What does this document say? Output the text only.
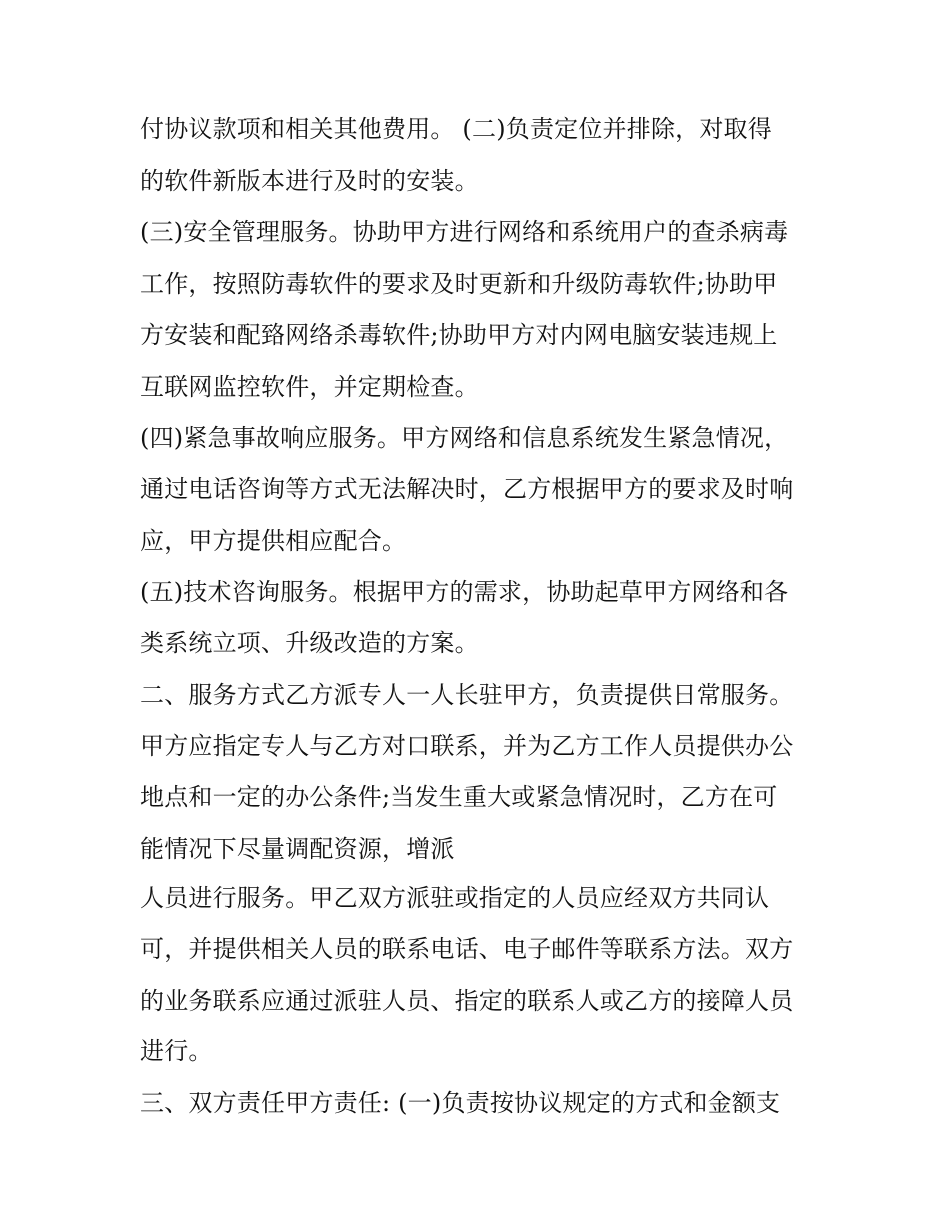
付协议款项和相关其他费用。 (二)负责定位并排除，对取得
的软件新版本进行及时的安装。
(三)安全管理服务。协助甲方进行网络和系统用户的查杀病毒
工作，按照防毒软件的要求及时更新和升级防毒软件;协助甲
方安装和配臵网络杀毒软件;协助甲方对内网电脑安装违规上
互联网监控软件，并定期检查。
(四)紧急事故响应服务。甲方网络和信息系统发生紧急情况，
通过电话咨询等方式无法解决时，乙方根据甲方的要求及时响
应，甲方提供相应配合。
(五)技术咨询服务。根据甲方的需求，协助起草甲方网络和各
类系统立项、升级改造的方案。
二、服务方式乙方派专人一人长驻甲方，负责提供日常服务。
甲方应指定专人与乙方对口联系，并为乙方工作人员提供办公
地点和一定的办公条件;当发生重大或紧急情况时，乙方在可
能情况下尽量调配资源，增派
人员进行服务。甲乙双方派驻或指定的人员应经双方共同认
可，并提供相关人员的联系电话、电子邮件等联系方法。双方
的业务联系应通过派驻人员、指定的联系人或乙方的接障人员
进行。
三、双方责任甲方责任: (一)负责按协议规定的方式和金额支
